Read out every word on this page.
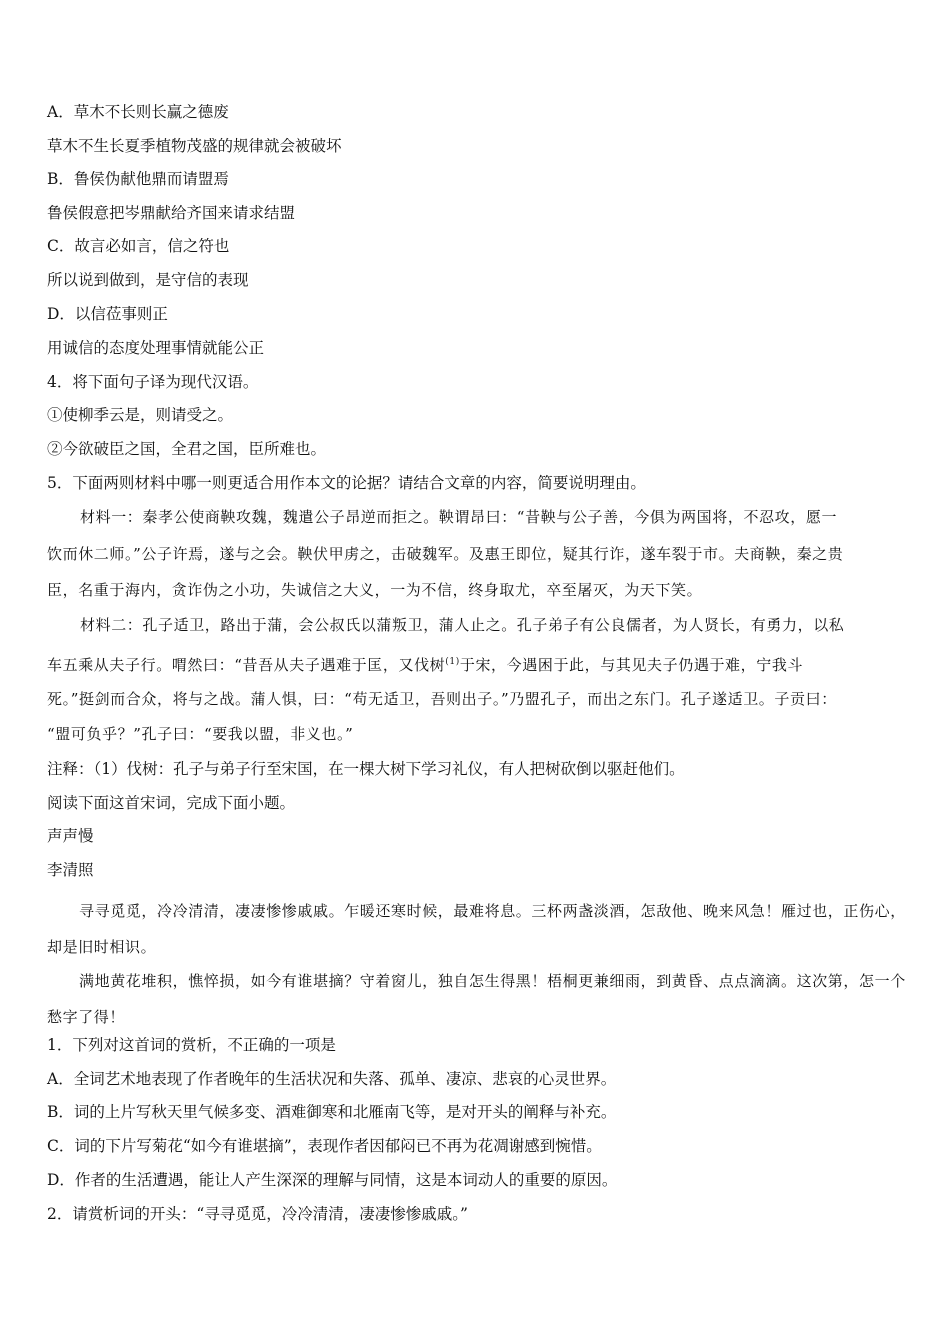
A．草木不长则长赢之德废
草木不生长夏季植物茂盛的规律就会被破坏
B．鲁侯伪献他鼎而请盟焉
鲁侯假意把岑鼎献给齐国来请求结盟
C．故言必如言，信之符也
所以说到做到，是守信的表现
D．以信莅事则正
用诚信的态度处理事情就能公正
4．将下面句子译为现代汉语。
①使柳季云是，则请受之。
②今欲破臣之国，全君之国，臣所难也。
5．下面两则材料中哪一则更适合用作本文的论据？请结合文章的内容，简要说明理由。
材料一：秦孝公使商鞅攻魏，魏遣公子昂逆而拒之。鞅谓昂曰：“昔鞅与公子善，今俱为两国将，不忍攻，愿一
饮而休二师。”公子许焉，遂与之会。鞅伏甲虏之，击破魏军。及惠王即位，疑其行诈，遂车裂于市。夫商鞅，秦之贵
臣，名重于海内，贪诈伪之小功，失诚信之大义，一为不信，终身取尤，卒至屠灭，为天下笑。
材料二：孔子适卫，路出于蒲，会公叔氏以蒲叛卫，蒲人止之。孔子弟子有公良儒者，为人贤长，有勇力，以私
车五乘从夫子行。喟然曰：“昔吾从夫子遇难于匡，又伐树$^{(1)}$于宋，今遇困于此，与其见夫子仍遇于难，宁我斗
死。”挺剑而合众，将与之战。蒲人惧，曰：“苟无适卫，吾则出子。”乃盟孔子，而出之东门。孔子遂适卫。子贡曰：
“盟可负乎？”孔子曰：“要我以盟，非义也。”
注释：（1）伐树：孔子与弟子行至宋国，在一棵大树下学习礼仪，有人把树砍倒以驱赶他们。
阅读下面这首宋词，完成下面小题。
声声慢
李清照
寻寻觅觅，冷冷清清，凄凄惨惨戚戚。乍暖还寒时候，最难将息。三杯两盏淡酒，怎敌他、晚来风急！雁过也，正伤心，却是旧时相识。
满地黄花堆积，憔悴损，如今有谁堪摘？守着窗儿，独自怎生得黑！梧桐更兼细雨，到黄昏、点点滴滴。这次第，怎一个愁字了得！
1．下列对这首词的赏析，不正确的一项是
A．全词艺术地表现了作者晚年的生活状况和失落、孤单、凄凉、悲哀的心灵世界。
B．词的上片写秋天里气候多变、酒难御寒和北雁南飞等，是对开头的阐释与补充。
C．词的下片写菊花“如今有谁堪摘”，表现作者因郁闷已不再为花凋谢感到惋惜。
D．作者的生活遭遇，能让人产生深深的理解与同情，这是本词动人的重要的原因。
2．请赏析词的开头：“寻寻觅觅，冷冷清清，凄凄惨惨戚戚。”
